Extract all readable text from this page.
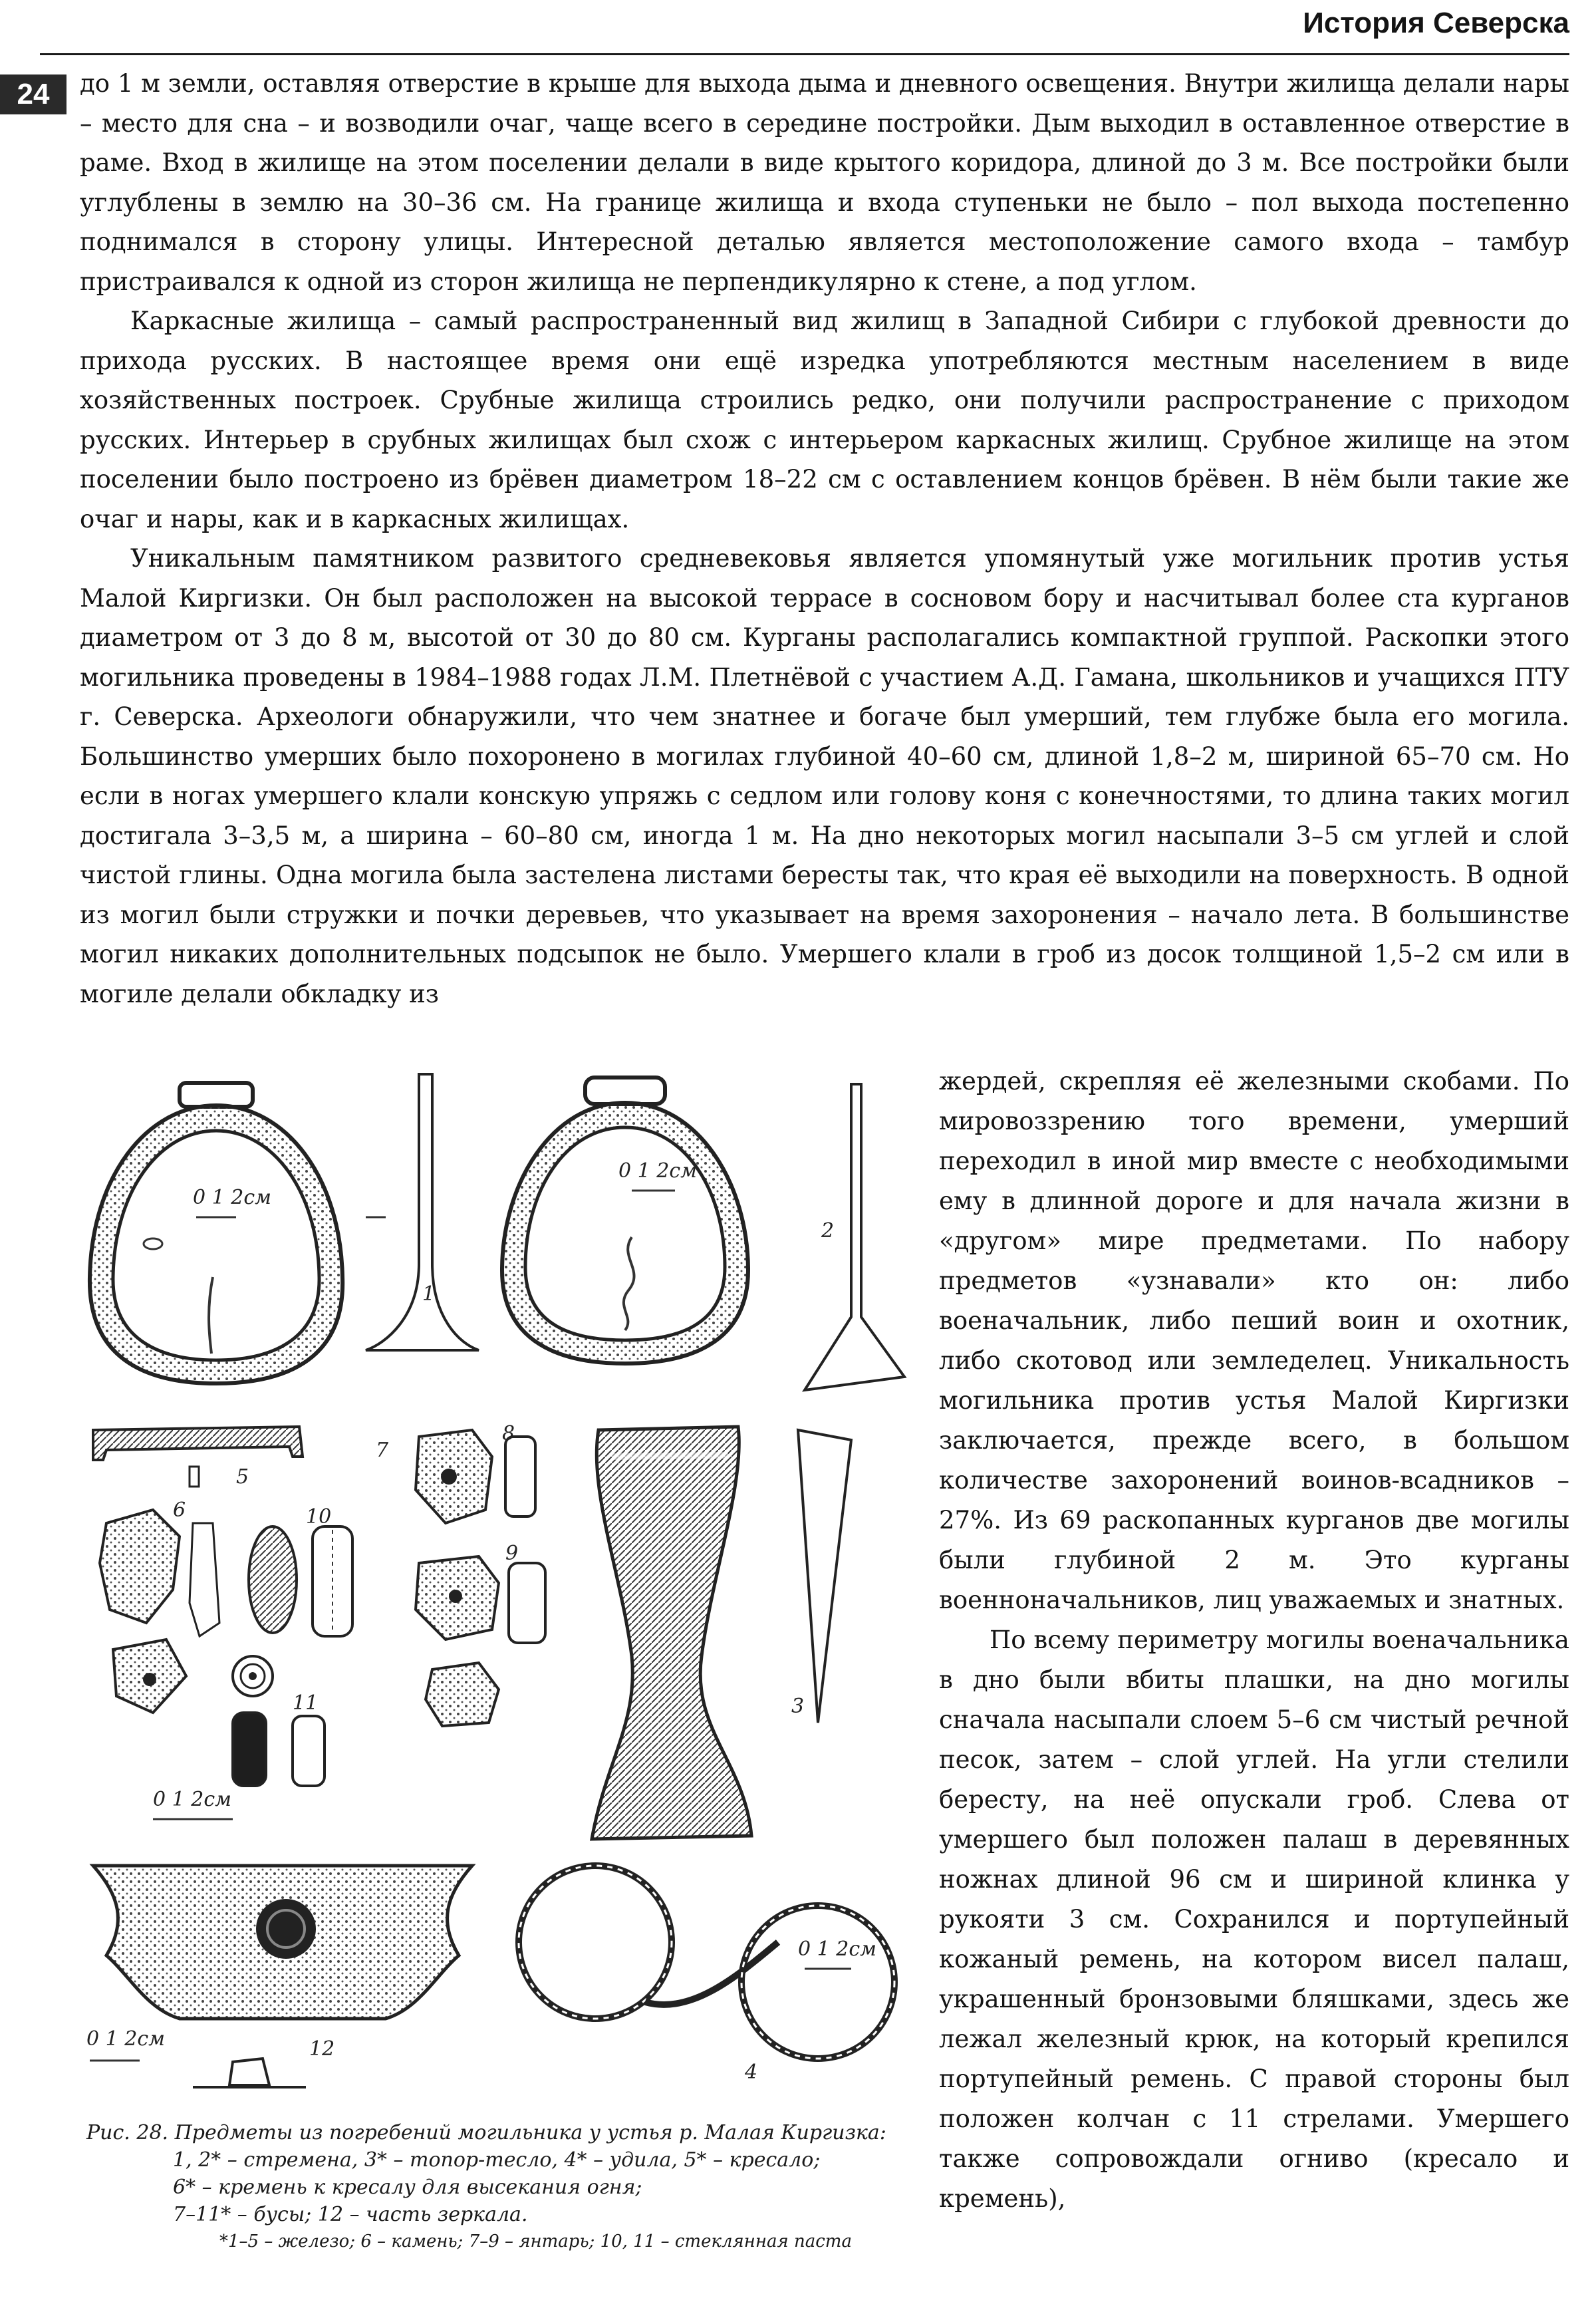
История Северска
24	до 1 м земли, оставляя отверстие в крыше для выхода дыма и дневного освещения. Внутри жилища делали нары – место для сна – и возводили очаг, чаще всего в середине постройки. Дым выходил в оставленное отверстие в раме. Вход в жилище на этом поселении делали в виде крытого коридора, длиной до 3 м. Все постройки были углублены в землю на 30–36 см. На границе жилища и входа ступеньки не было – пол выхода постепенно поднимался в сторону улицы. Интересной деталью является местоположение самого входа – тамбур пристраивался к одной из сторон жилища не перпендикулярно к стене, а под углом.

Каркасные жилища – самый распространенный вид жилищ в Западной Сибири с глубокой древности до прихода русских. В настоящее время они ещё изредка употребляются местным населением в виде хозяйственных построек. Срубные жилища строились редко, они получили распространение с приходом русских. Интерьер в срубных жилищах был схож с интерьером каркасных жилищ. Срубное жилище на этом поселении было построено из брёвен диаметром 18–22 см с оставлением концов брёвен. В нём были такие же очаг и нары, как и в каркасных жилищах.

Уникальным памятником развитого средневековья является упомянутый уже могильник против устья Малой Киргизки. Он был расположен на высокой террасе в сосновом бору и насчитывал более ста курганов диаметром от 3 до 8 м, высотой от 30 до 80 см. Курганы располагались компактной группой. Раскопки этого могильника проведены в 1984–1988 годах Л.М. Плетнёвой с участием А.Д. Гамана, школьников и учащихся ПТУ г. Северска. Археологи обнаружили, что чем знатнее и богаче был умерший, тем глубже была его могила. Большинство умерших было похоронено в могилах глубиной 40–60 см, длиной 1,8–2 м, шириной 65–70 см. Но если в ногах умершего клали конскую упряжь с седлом или голову коня с конечностями, то длина таких могил достигала 3–3,5 м, а ширина – 60–80 см, иногда 1 м. На дно некоторых могил насыпали 3–5 см углей и слой чистой глины. Одна могила была застелена листами бересты так, что края её выходили на поверхность. В одной из могил были стружки и почки деревьев, что указывает на время захоронения – начало лета. В большинстве могил никаких дополнительных подсыпок не было. Умершего клали в гроб из досок толщиной 1,5–2 см или в могиле делали обкладку из

жердей, скрепляя её железными скобами. По мировоззрению того времени, умерший переходил в иной мир вместе с необходимыми ему в длинной дороге и для начала жизни в «другом» мире предметами. По набору предметов «узнавали» кто он: либо военачальник, либо пеший воин и охотник, либо скотовод или земледелец. Уникальность могильника против устья Малой Киргизки заключается, прежде всего, в большом количестве захоронений воинов-всадников – 27%. Из 69 раскопанных курганов две могилы были глубиной 2 м. Это курганы военноначальников, лиц уважаемых и знатных.

По всему периметру могилы военачальника в дно были вбиты плашки, на дно могилы сначала насыпали слоем 5–6 см чистый речной песок, затем – слой углей. На угли стелили бересту, на неё опускали гроб. Слева от умершего был положен палаш в деревянных ножнах длиной 96 см и шириной клинка у рукояти 3 см. Сохранился и портупейный кожаный ремень, на котором висел палаш, украшенный бронзовыми бляшками, здесь же лежал железный крюк, на который крепился портупейный ремень. С правой стороны был положен колчан с 11 стрелами. Умершего также сопровождали огниво (кресало и кремень),

0 1 2см
1
0 1 2см
2
5
6	10
11
0 1 2см
8
9
7
3
0 1 2см	12
0 1 2см
4
Рис. 28. Предметы из погребений могильника у устья р. Малая Киргизка:
1, 2* – стремена, 3* – топор-тесло, 4* – удила, 5* – кресало;
6* – кремень к кресалу для высекания огня;
7–11* – бусы; 12 – часть зеркала.
*1–5 – железо; 6 – камень; 7–9 – янтарь; 10, 11 – стеклянная паста
